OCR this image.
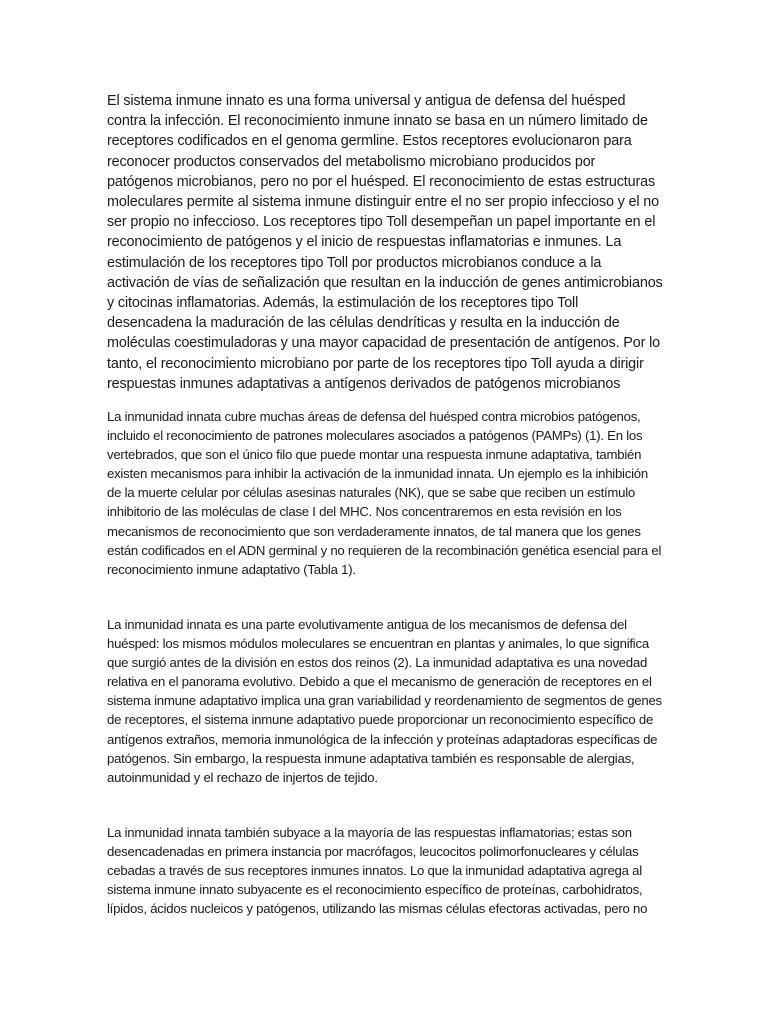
El sistema inmune innato es una forma universal y antigua de defensa del huésped contra la infección. El reconocimiento inmune innato se basa en un número limitado de receptores codificados en el genoma germline. Estos receptores evolucionaron para reconocer productos conservados del metabolismo microbiano producidos por patógenos microbianos, pero no por el huésped. El reconocimiento de estas estructuras moleculares permite al sistema inmune distinguir entre el no ser propio infeccioso y el no ser propio no infeccioso. Los receptores tipo Toll desempeñan un papel importante en el reconocimiento de patógenos y el inicio de respuestas inflamatorias e inmunes. La estimulación de los receptores tipo Toll por productos microbianos conduce a la activación de vías de señalización que resultan en la inducción de genes antimicrobianos y citocinas inflamatorias. Además, la estimulación de los receptores tipo Toll desencadena la maduración de las células dendríticas y resulta en la inducción de moléculas coestimuladoras y una mayor capacidad de presentación de antígenos. Por lo tanto, el reconocimiento microbiano por parte de los receptores tipo Toll ayuda a dirigir respuestas inmunes adaptativas a antígenos derivados de patógenos microbianos

La inmunidad innata cubre muchas áreas de defensa del huésped contra microbios patógenos, incluido el reconocimiento de patrones moleculares asociados a patógenos (PAMPs) (1). En los vertebrados, que son el único filo que puede montar una respuesta inmune adaptativa, también existen mecanismos para inhibir la activación de la inmunidad innata. Un ejemplo es la inhibición de la muerte celular por células asesinas naturales (NK), que se sabe que reciben un estímulo inhibitorio de las moléculas de clase I del MHC. Nos concentraremos en esta revisión en los mecanismos de reconocimiento que son verdaderamente innatos, de tal manera que los genes están codificados en el ADN germinal y no requieren de la recombinación genética esencial para el reconocimiento inmune adaptativo (Tabla 1).

La inmunidad innata es una parte evolutivamente antigua de los mecanismos de defensa del huésped: los mismos módulos moleculares se encuentran en plantas y animales, lo que significa que surgió antes de la división en estos dos reinos (2). La inmunidad adaptativa es una novedad relativa en el panorama evolutivo. Debido a que el mecanismo de generación de receptores en el sistema inmune adaptativo implica una gran variabilidad y reordenamiento de segmentos de genes de receptores, el sistema inmune adaptativo puede proporcionar un reconocimiento específico de antígenos extraños, memoria inmunológica de la infección y proteínas adaptadoras específicas de patógenos. Sin embargo, la respuesta inmune adaptativa también es responsable de alergias, autoinmunidad y el rechazo de injertos de tejido.

La inmunidad innata también subyace a la mayoría de las respuestas inflamatorias; estas son desencadenadas en primera instancia por macrófagos, leucocitos polimorfonucleares y células cebadas a través de sus receptores inmunes innatos. Lo que la inmunidad adaptativa agrega al sistema inmune innato subyacente es el reconocimiento específico de proteínas, carbohidratos, lípidos, ácidos nucleicos y patógenos, utilizando las mismas células efectoras activadas, pero no
